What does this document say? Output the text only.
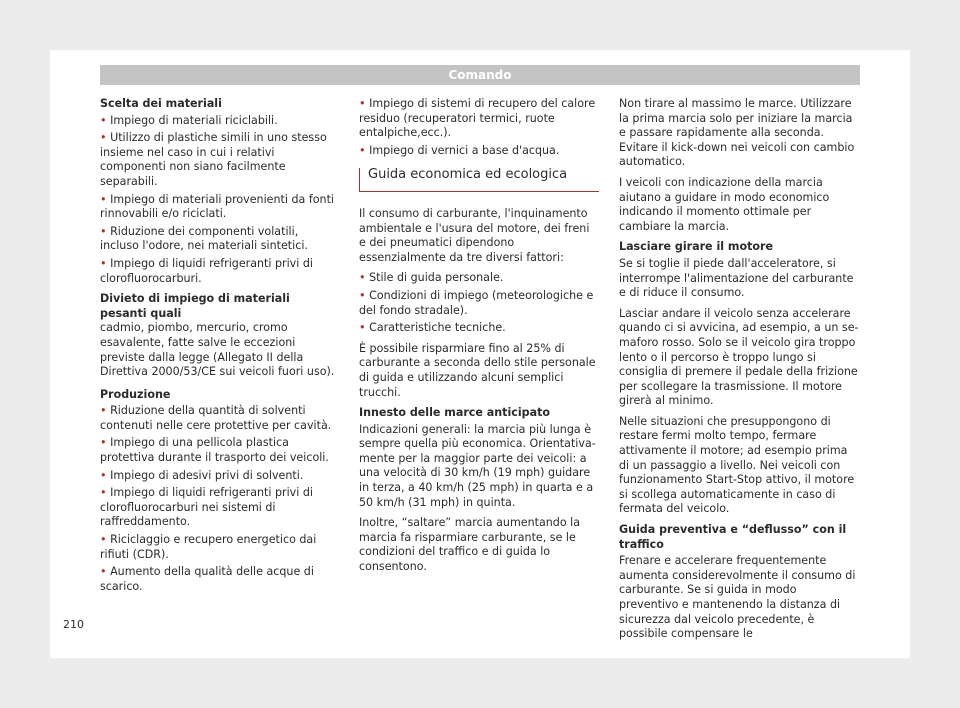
Comando

Scelta dei materiali

• Impiego di materiali riciclabili.

• Utilizzo di plastiche simili in uno stesso insieme nel caso in cui i relativi componenti non siano facilmente separabili.

• Impiego di materiali provenienti da fonti rinnovabili e/o riciclati.

• Riduzione dei componenti volatili, incluso l'odore, nei materiali sintetici.

• Impiego di liquidi refrigeranti privi di clorofluorocarburi.

Divieto di impiego di materiali pesanti quali

cadmio, piombo, mercurio, cromo esavalente, fatte salve le eccezioni previste dalla legge (Allegato II della Direttiva 2000/53/CE sui veicoli fuori uso).

Produzione

• Riduzione della quantità di solventi contenuti nelle cere protettive per cavità.

• Impiego di una pellicola plastica protettiva durante il trasporto dei veicoli.

• Impiego di adesivi privi di solventi.

• Impiego di liquidi refrigeranti privi di clorofluorocarburi nei sistemi di raffreddamento.

• Riciclaggio e recupero energetico dai rifiuti (CDR).

• Aumento della qualità delle acque di scarico.

• Impiego di sistemi di recupero del calore residuo (recuperatori termici, ruote entalpiche,ecc.).

• Impiego di vernici a base d'acqua.

Guida economica ed ecologica

Il consumo di carburante, l'inquinamento ambientale e l'usura del motore, dei freni e dei pneumatici dipendono essenzialmente da tre diversi fattori:

• Stile di guida personale.

• Condizioni di impiego (meteorologiche e del fondo stradale).

• Caratteristiche tecniche.

È possibile risparmiare fino al 25% di carburante a seconda dello stile personale di guida e utilizzando alcuni semplici trucchi.

Innesto delle marce anticipato

Indicazioni generali: la marcia più lunga è sempre quella più economica. Orientativamente per la maggior parte dei veicoli: a una velocità di 30 km/h (19 mph) guidare in terza, a 40 km/h (25 mph) in quarta e a 50 km/h (31 mph) in quinta.

Inoltre, “saltare” marcia aumentando la marcia fa risparmiare carburante, se le condizioni del traffico e di guida lo consentono.

Non tirare al massimo le marce. Utilizzare la prima marcia solo per iniziare la marcia e passare rapidamente alla seconda. Evitare il kick-down nei veicoli con cambio automatico.

I veicoli con indicazione della marcia aiutano a guidare in modo economico indicando il momento ottimale per cambiare la marcia.

Lasciare girare il motore

Se si toglie il piede dall'acceleratore, si interrompe l'alimentazione del carburante e di riduce il consumo.

Lasciar andare il veicolo senza accelerare quando ci si avvicina, ad esempio, a un semaforo rosso. Solo se il veicolo gira troppo lento o il percorso è troppo lungo si consiglia di premere il pedale della frizione per scollegare la trasmissione. Il motore girerà al minimo.

Nelle situazioni che presuppongono di restare fermi molto tempo, fermare attivamente il motore; ad esempio prima di un passaggio a livello. Nei veicoli con funzionamento Start-Stop attivo, il motore si scollega automaticamente in caso di fermata del veicolo.

Guida preventiva e “deflusso” con il traffico

Frenare e accelerare frequentemente aumenta considerevolmente il consumo di carburante. Se si guida in modo preventivo e mantenendo la distanza di sicurezza dal veicolo precedente, è possibile compensare le

210
